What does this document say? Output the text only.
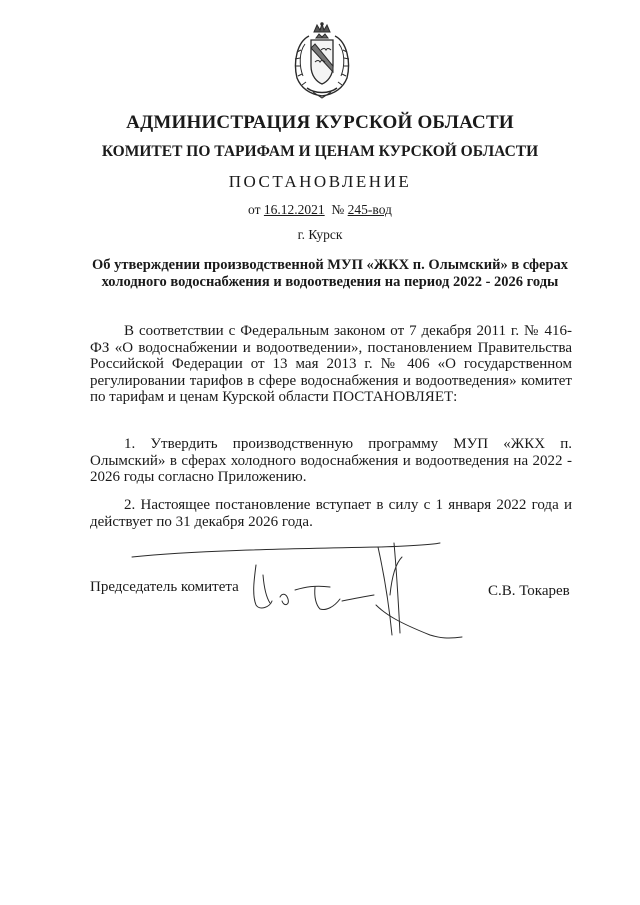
АДМИНИСТРАЦИЯ КУРСКОЙ ОБЛАСТИ
КОМИТЕТ ПО ТАРИФАМ И ЦЕНАМ КУРСКОЙ ОБЛАСТИ
ПОСТАНОВЛЕНИЕ
от 16.12.2021 № 245-вод
г. Курск
Об утверждении производственной МУП «ЖКХ п. Олымский» в сферах холодного водоснабжения и водоотведения на период 2022 - 2026 годы
В соответствии с Федеральным законом от 7 декабря 2011 г. № 416-ФЗ «О водоснабжении и водоотведении», постановлением Правительства Российской Федерации от 13 мая 2013 г. № 406 «О государственном регулировании тарифов в сфере водоснабжения и водоотведения» комитет по тарифам и ценам Курской области ПОСТАНОВЛЯЕТ:
1. Утвердить производственную программу МУП «ЖКХ п. Олымский» в сферах холодного водоснабжения и водоотведения на 2022 - 2026 годы согласно Приложению.
2. Настоящее постановление вступает в силу с 1 января 2022 года и действует по 31 декабря 2026 года.
Председатель комитета	С.В. Токарев
